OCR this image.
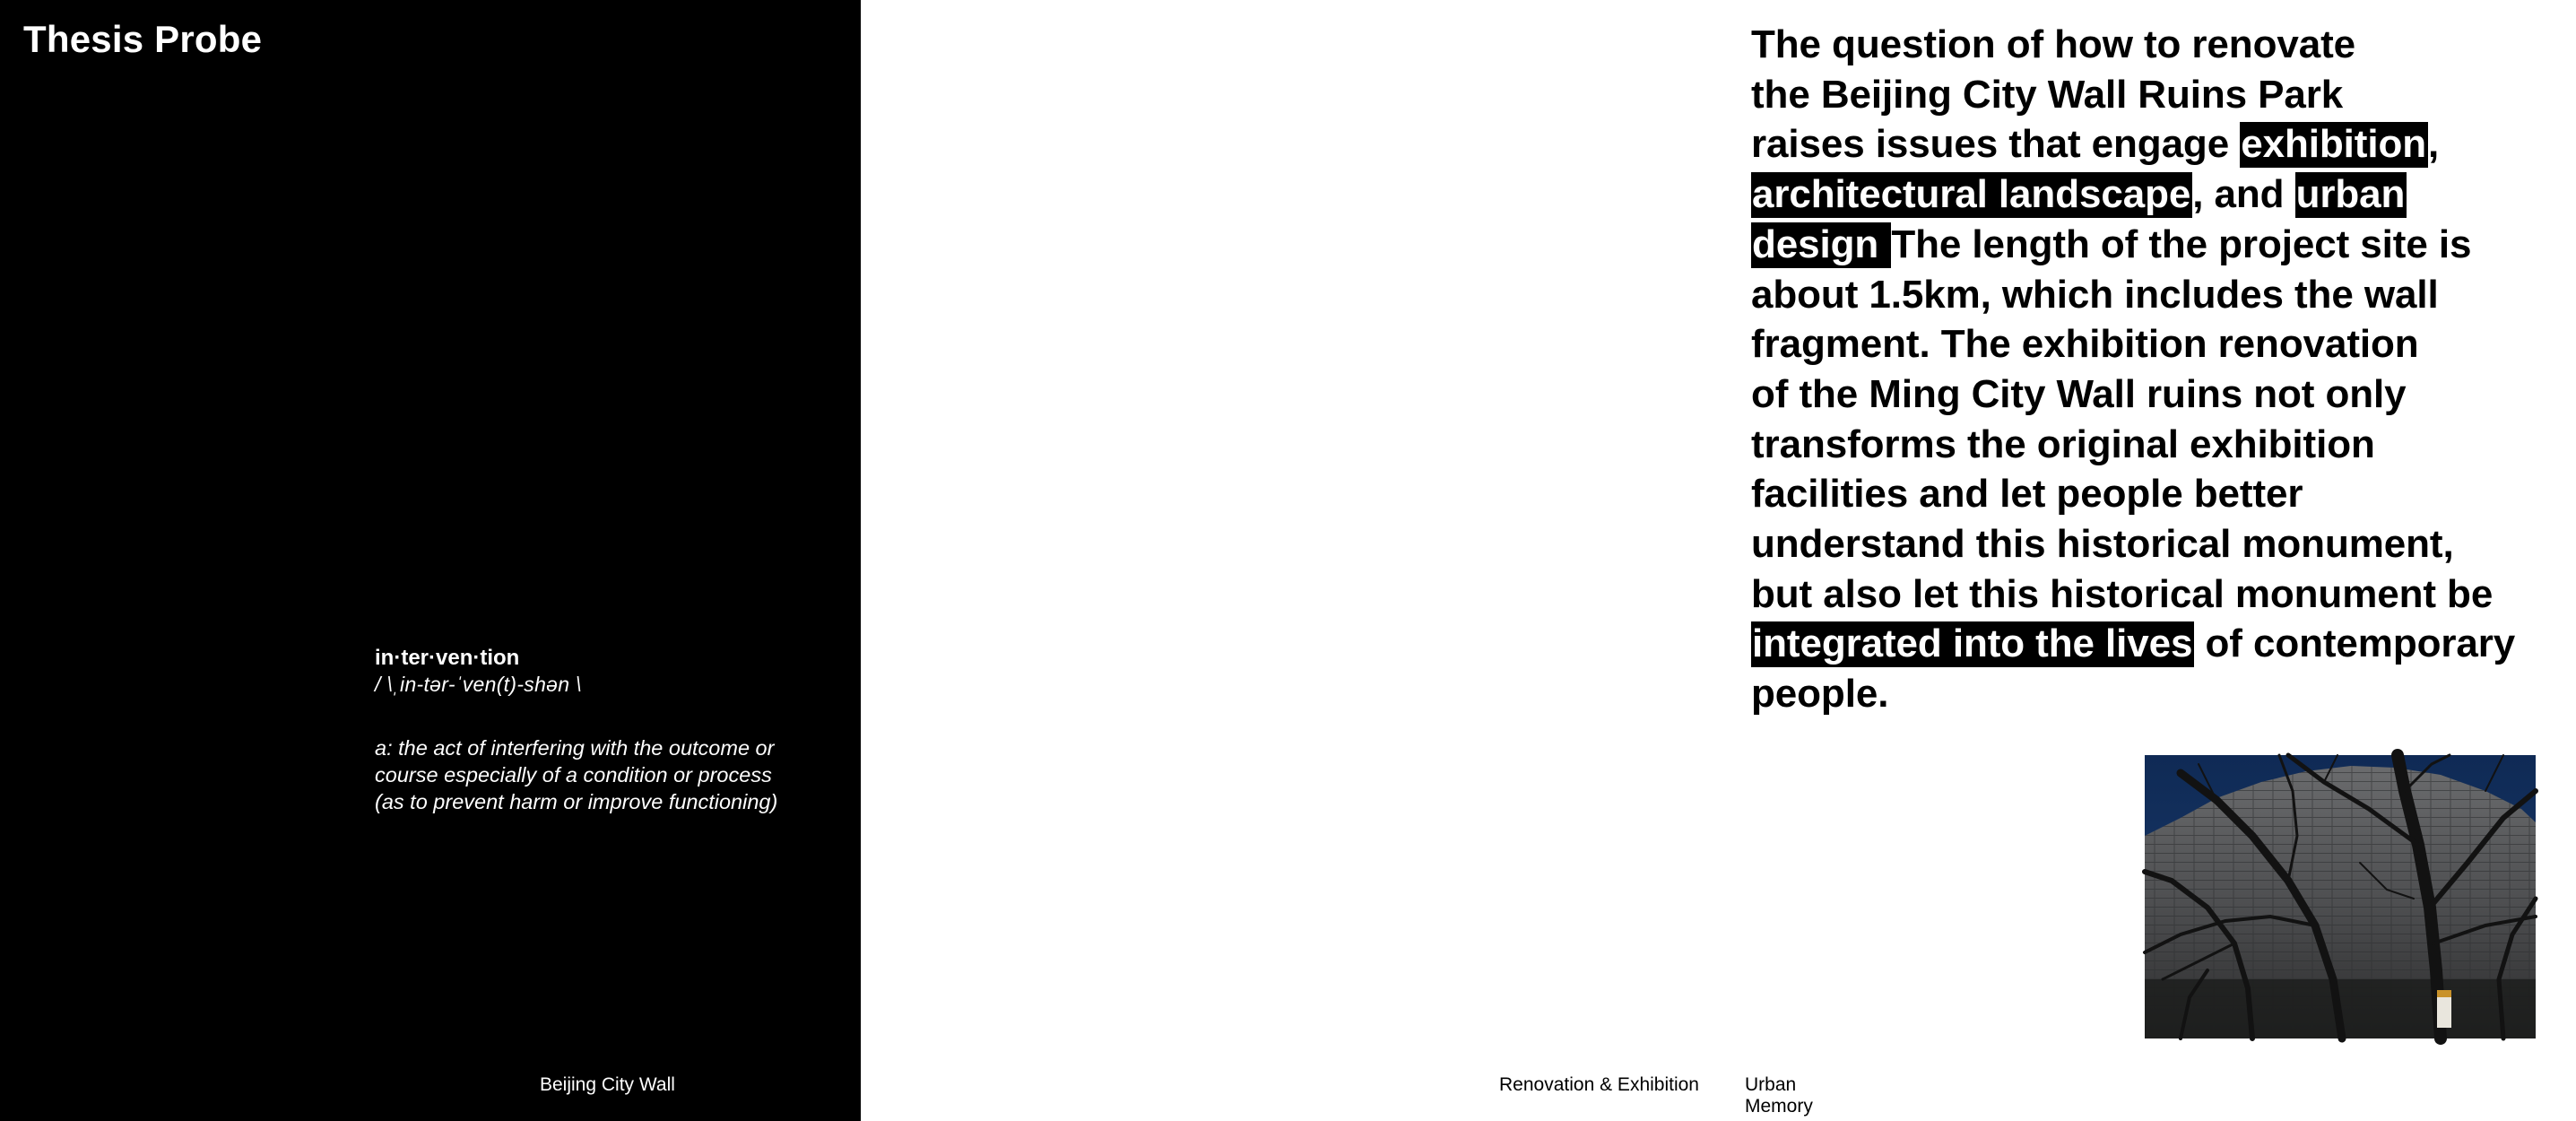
Thesis Probe
in·ter·ven·tion
/ \ˌin-tər-ˈven(t)-shən \

a: the act of interfering with the outcome or course especially of a condition or process (as to prevent harm or improve functioning)

Beijing City Wall

The question of how to renovate
the Beijing City Wall Ruins Park
raises issues that engage exhibition,
architectural landscape, and urban
design The length of the project site is
about 1.5km, which includes the wall
fragment. The exhibition renovation
of the Ming City Wall ruins not only
transforms the original exhibition
facilities and let people better
understand this historical monument,
but also let this historical monument be
integrated into the lives of contemporary
people.

Urban Memory
Renovation & Exhibition
